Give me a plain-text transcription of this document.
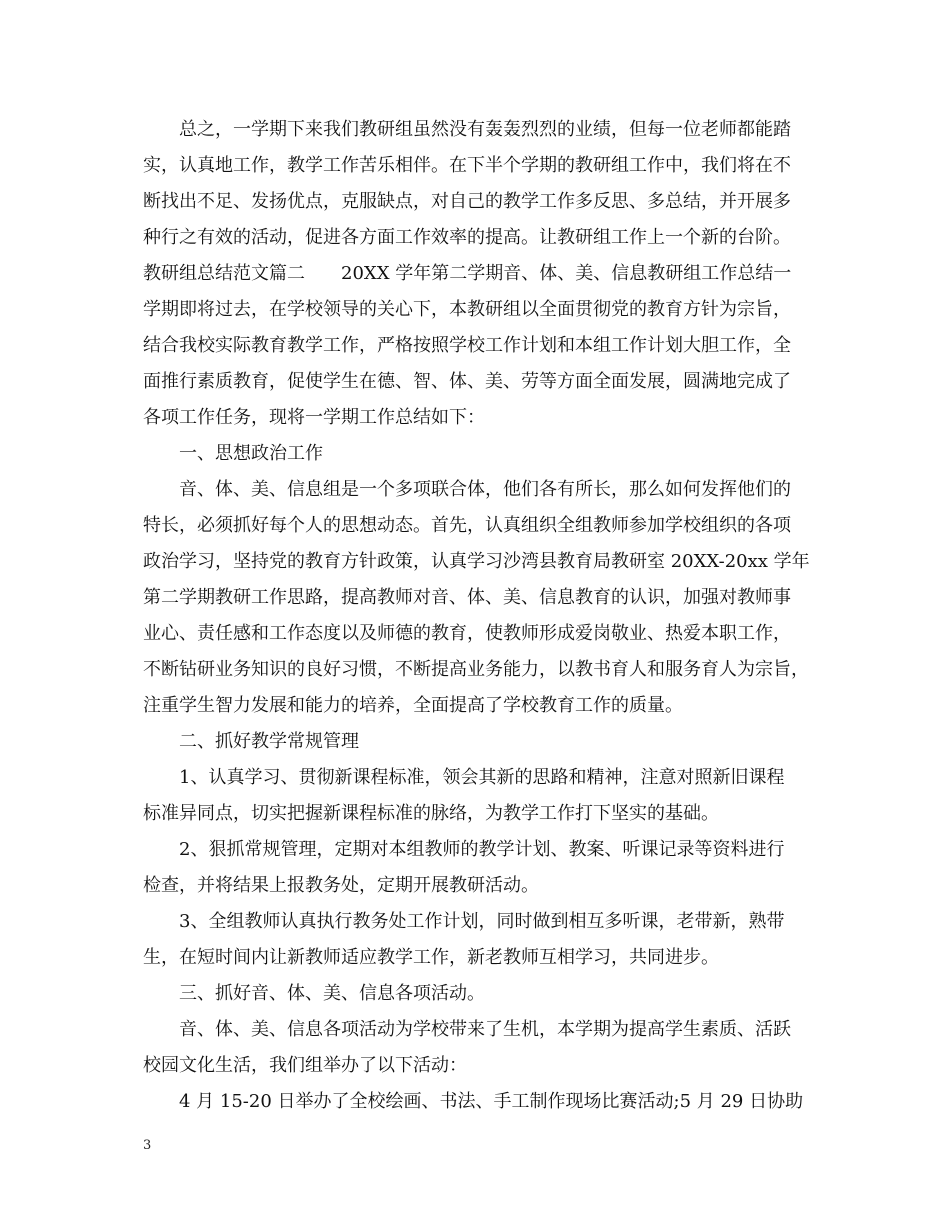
总之，一学期下来我们教研组虽然没有轰轰烈烈的业绩，但每一位老师都能踏
实，认真地工作，教学工作苦乐相伴。在下半个学期的教研组工作中，我们将在不
断找出不足、发扬优点，克服缺点，对自己的教学工作多反思、多总结，并开展多
种行之有效的活动，促进各方面工作效率的提高。让教研组工作上一个新的台阶。
教研组总结范文篇二　　20XX 学年第二学期音、体、美、信息教研组工作总结一
学期即将过去，在学校领导的关心下，本教研组以全面贯彻党的教育方针为宗旨，
结合我校实际教育教学工作，严格按照学校工作计划和本组工作计划大胆工作，全
面推行素质教育，促使学生在德、智、体、美、劳等方面全面发展，圆满地完成了
各项工作任务，现将一学期工作总结如下：
一、思想政治工作
音、体、美、信息组是一个多项联合体，他们各有所长，那么如何发挥他们的
特长，必须抓好每个人的思想动态。首先，认真组织全组教师参加学校组织的各项
政治学习，坚持党的教育方针政策，认真学习沙湾县教育局教研室 20XX-20xx 学年
第二学期教研工作思路，提高教师对音、体、美、信息教育的认识，加强对教师事
业心、责任感和工作态度以及师德的教育，使教师形成爱岗敬业、热爱本职工作，
不断钻研业务知识的良好习惯，不断提高业务能力，以教书育人和服务育人为宗旨，
注重学生智力发展和能力的培养，全面提高了学校教育工作的质量。
二、抓好教学常规管理
1、认真学习、贯彻新课程标准，领会其新的思路和精神，注意对照新旧课程
标准异同点，切实把握新课程标准的脉络，为教学工作打下坚实的基础。
2、狠抓常规管理，定期对本组教师的教学计划、教案、听课记录等资料进行
检查，并将结果上报教务处，定期开展教研活动。
3、全组教师认真执行教务处工作计划，同时做到相互多听课，老带新，熟带
生，在短时间内让新教师适应教学工作，新老教师互相学习，共同进步。
三、抓好音、体、美、信息各项活动。
音、体、美、信息各项活动为学校带来了生机，本学期为提高学生素质、活跃
校园文化生活，我们组举办了以下活动：
4 月 15-20 日举办了全校绘画、书法、手工制作现场比赛活动;5 月 29 日协助
3
